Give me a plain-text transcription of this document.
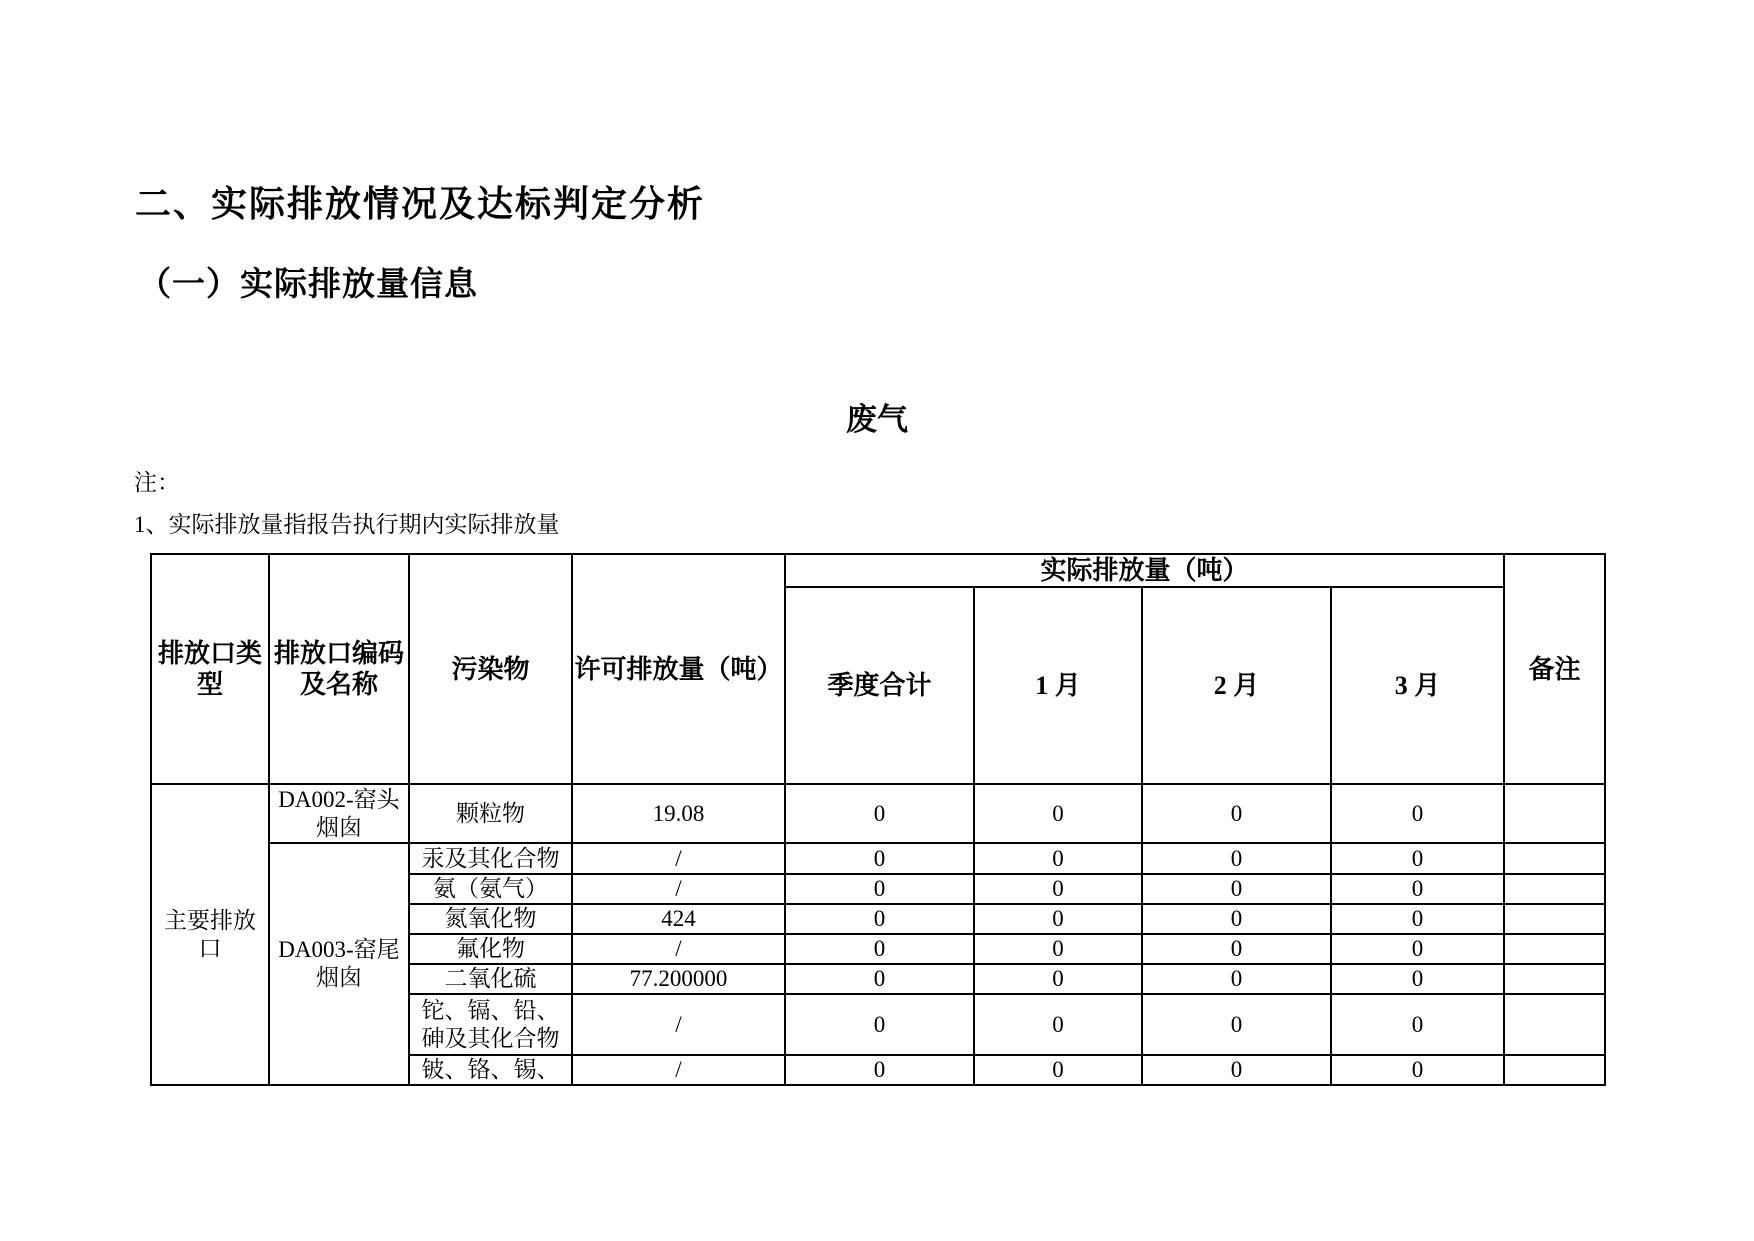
二、实际排放情况及达标判定分析
（一）实际排放量信息
废气
注：
1、实际排放量指报告执行期内实际排放量
排放口类型	排放口编码及名称	污染物	许可排放量（吨）	实际排放量（吨）				备注
				季度合计	1 月	2 月	3 月	
主要排放口	DA002-窑头烟囱	颗粒物	19.08	0	0	0	0	
	DA003-窑尾烟囱	汞及其化合物	/	0	0	0	0	
		氨（氨气）	/	0	0	0	0	
		氮氧化物	424	0	0	0	0	
		氟化物	/	0	0	0	0	
		二氧化硫	77.200000	0	0	0	0	
		铊、镉、铅、砷及其化合物	/	0	0	0	0	
		铍、铬、锡、	/	0	0	0	0	
